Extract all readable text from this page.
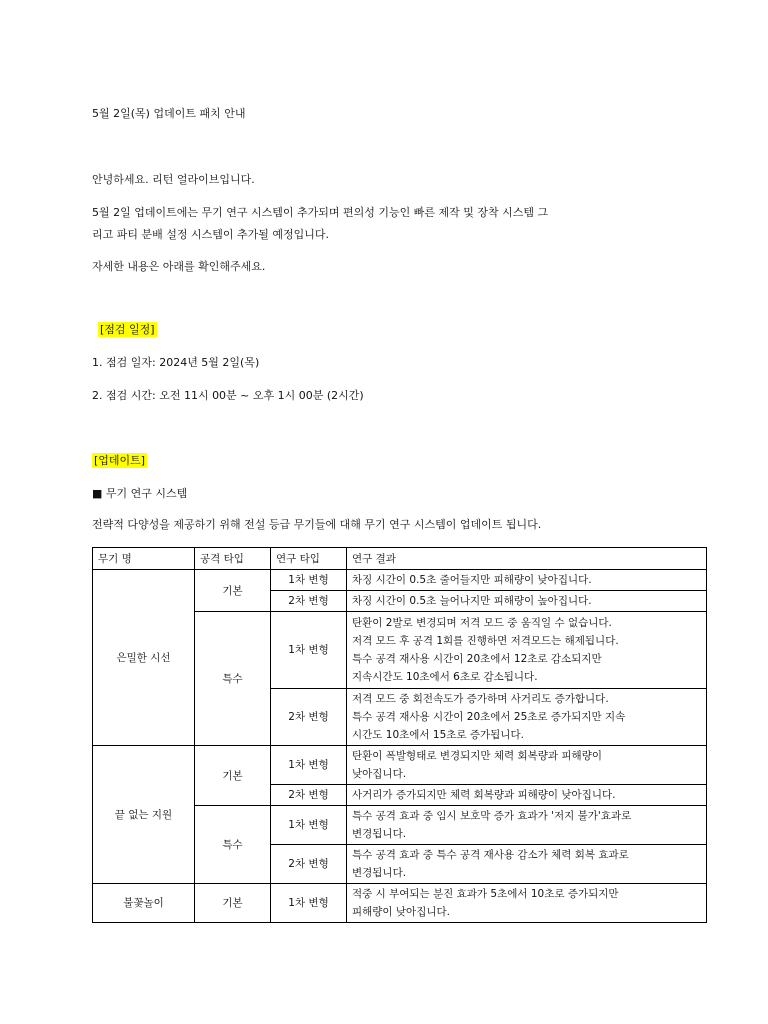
5월 2일(목) 업데이트 패치 안내
안녕하세요. 리턴 얼라이브입니다.
5월 2일 업데이트에는 무기 연구 시스템이 추가되며 편의성 기능인 빠른 제작 및 장착 시스템 그
리고 파티 분배 설정 시스템이 추가될 예정입니다.
자세한 내용은 아래를 확인해주세요.
[점검 일정]
1. 점검 일자: 2024년 5월 2일(목)
2. 점검 시간: 오전 11시 00분 ~ 오후 1시 00분 (2시간)
[업데이트]
■ 무기 연구 시스템
전략적 다양성을 제공하기 위해 전설 등급 무기들에 대해 무기 연구 시스템이 업데이트 됩니다.
무기 명	공격 타입	연구 타입	연구 결과
은밀한 시선	기본	1차 변형	차징 시간이 0.5초 줄어들지만 피해량이 낮아집니다.
		2차 변형	차징 시간이 0.5초 늘어나지만 피해량이 높아집니다.
	특수	1차 변형	탄환이 2발로 변경되며 저격 모드 중 움직일 수 없습니다.
저격 모드 후 공격 1회를 진행하면 저격모드는 해제됩니다.
특수 공격 재사용 시간이 20초에서 12초로 감소되지만
지속시간도 10초에서 6초로 감소됩니다.
		2차 변형	저격 모드 중 회전속도가 증가하며 사거리도 증가합니다.
특수 공격 재사용 시간이 20초에서 25초로 증가되지만 지속
시간도 10초에서 15초로 증가됩니다.
끝 없는 지원	기본	1차 변형	탄환이 폭발형태로 변경되지만 체력 회복량과 피해량이
낮아집니다.
		2차 변형	사거리가 증가되지만 체력 회복량과 피해량이 낮아집니다.
	특수	1차 변형	특수 공격 효과 중 임시 보호막 증가 효과가 '저지 불가'효과로
변경됩니다.
		2차 변형	특수 공격 효과 중 특수 공격 재사용 감소가 체력 회복 효과로
변경됩니다.
불꽃놀이	기본	1차 변형	적중 시 부여되는 분진 효과가 5초에서 10초로 증가되지만
피해량이 낮아집니다.
